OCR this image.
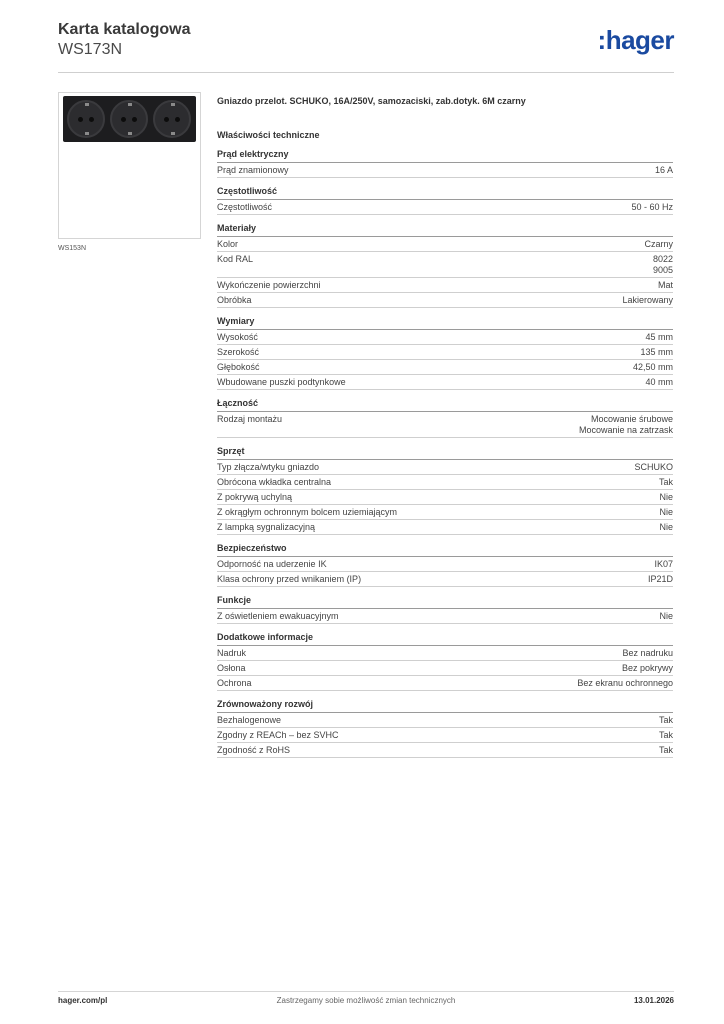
Karta katalogowa
WS173N	:hager
WS153N
Gniazdo przelot. SCHUKO, 16A/250V, samozaciski, zab.dotyk. 6M czarny
Właściwości techniczne
Prąd elektryczny
Prąd znamionowy	16 A
Częstotliwość
Częstotliwość	50 - 60 Hz
Materiały
Kolor	Czarny
Kod RAL	8022
9005
Wykończenie powierzchni	Mat
Obróbka	Lakierowany
Wymiary
Wysokość	45 mm
Szerokość	135 mm
Głębokość	42,50 mm
Wbudowane puszki podtynkowe	40 mm
Łączność
Rodzaj montażu	Mocowanie śrubowe
Mocowanie na zatrzask
Sprzęt
Typ złącza/wtyku gniazdo	SCHUKO
Obrócona wkładka centralna	Tak
Z pokrywą uchylną	Nie
Z okrągłym ochronnym bolcem uziemiającym	Nie
Z lampką sygnalizacyjną	Nie
Bezpieczeństwo
Odporność na uderzenie IK	IK07
Klasa ochrony przed wnikaniem (IP)	IP21D
Funkcje
Z oświetleniem ewakuacyjnym	Nie
Dodatkowe informacje
Nadruk	Bez nadruku
Osłona	Bez pokrywy
Ochrona	Bez ekranu ochronnego
Zrównoważony rozwój
Bezhalogenowe	Tak
Zgodny z REACh – bez SVHC	Tak
Zgodność z RoHS	Tak
hager.com/pl	Zastrzegamy sobie możliwość zmian technicznych	13.01.2026
